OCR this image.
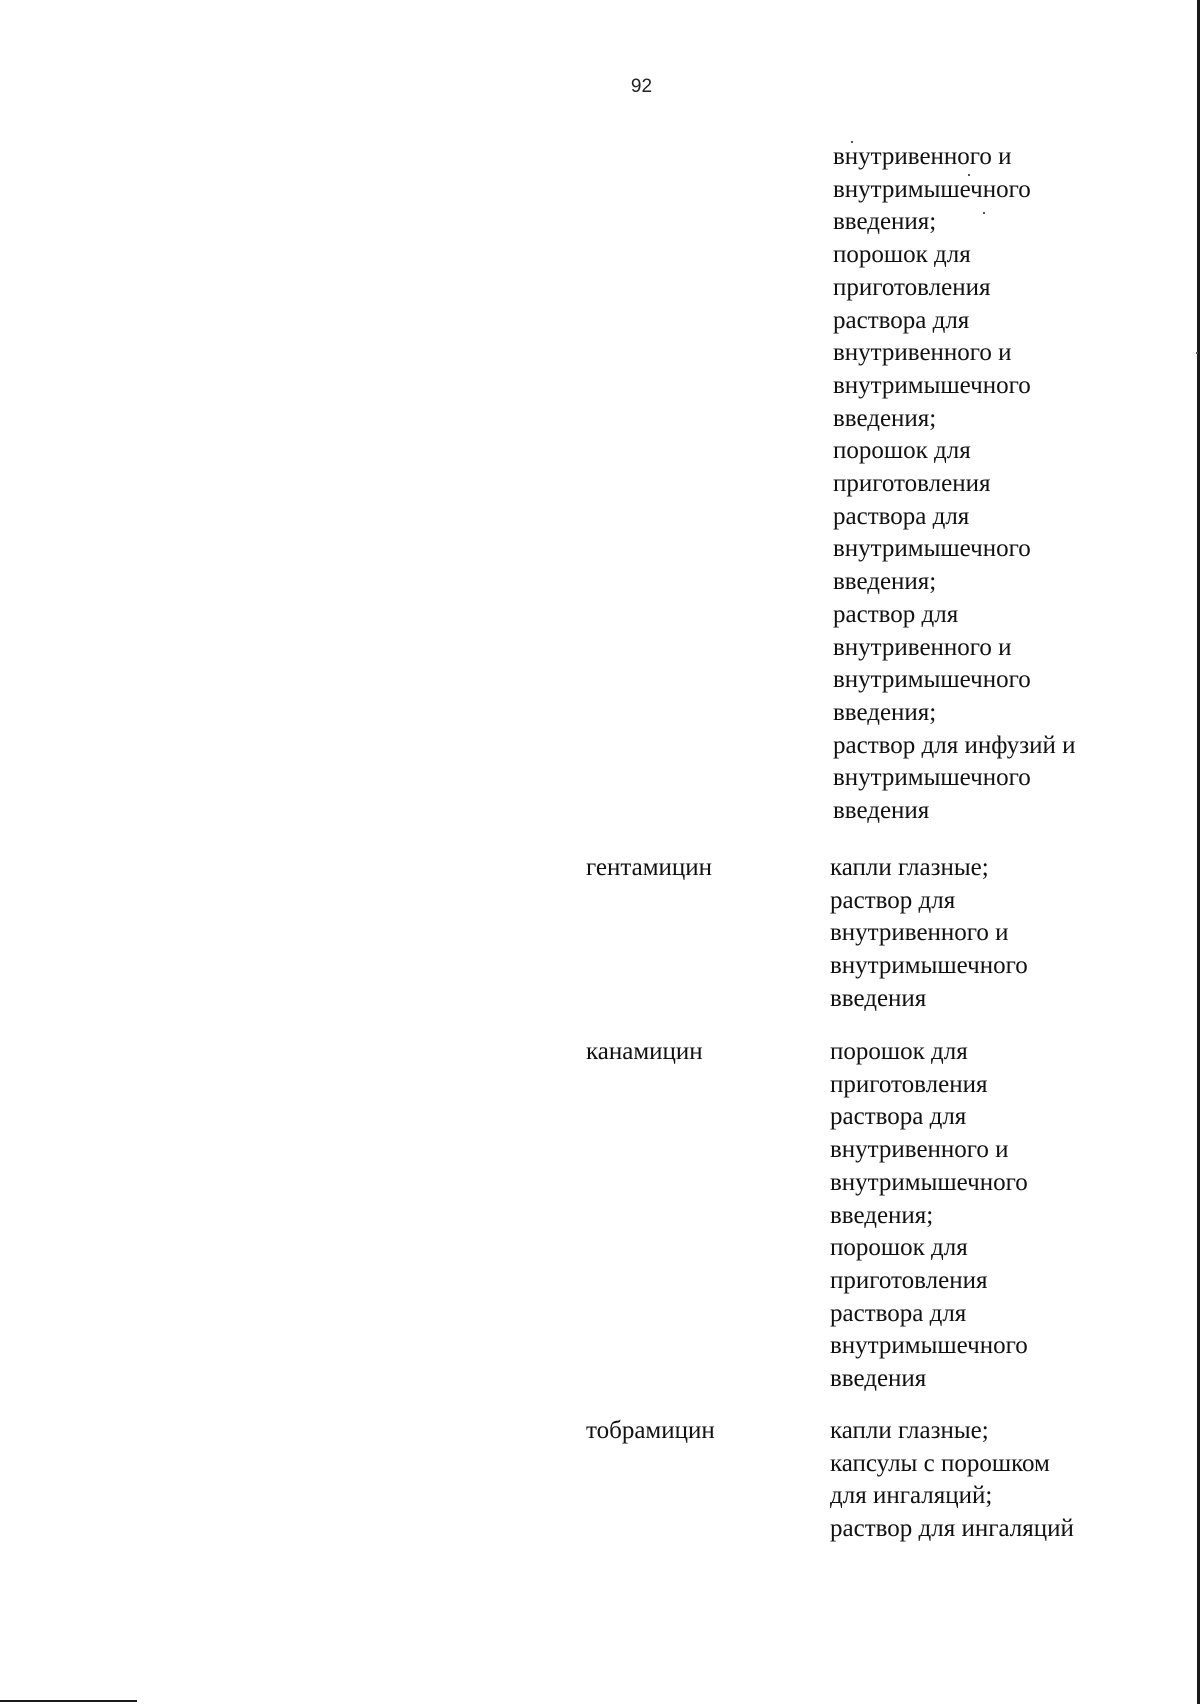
92
внутривенного и
внутримышечного
введения;
порошок для
приготовления
раствора для
внутривенного и
внутримышечного
введения;
порошок для
приготовления
раствора для
внутримышечного
введения;
раствор для
внутривенного и
внутримышечного
введения;
раствор для инфузий и
внутримышечного
введения
гентамицин	капли глазные;
раствор для
внутривенного и
внутримышечного
введения
канамицин	порошок для
приготовления
раствора для
внутривенного и
внутримышечного
введения;
порошок для
приготовления
раствора для
внутримышечного
введения
тобрамицин	капли глазные;
капсулы с порошком
для ингаляций;
раствор для ингаляций
